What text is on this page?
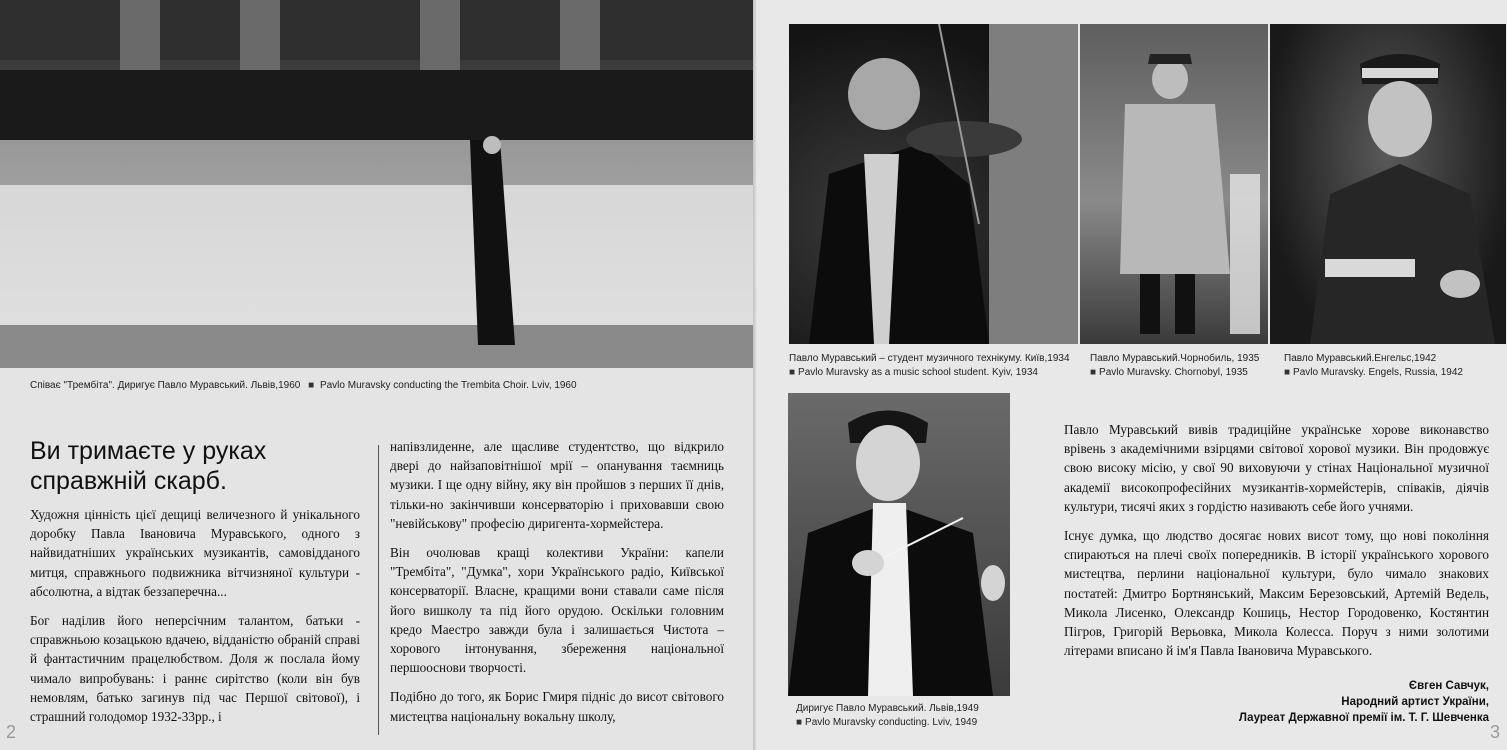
Співає "Трембіта". Диригує Павло Муравський. Львів,1960 ■ Pavlo Muravsky conducting the Trembita Choir. Lviv, 1960
Ви тримаєте у руках справжній скарб.

Художня цінність цієї дещиці величезного й унікального доробку Павла Івановича Муравського, одного з найвидатніших українських музикантів, самовідданого митця, справжнього подвижника вітчизняної культури - абсолютна, а відтак беззаперечна...

Бог наділив його неперсічним талантом, батьки - справжньою козацькою вдачею, відданістю обраній справі й фантастичним працелюбством. Доля ж послала йому чимало випробувань: і раннє сирітство (коли він був немовлям, батько загинув під час Першої світової), і страшний голодомор 1932-33рр., і

напівзлиденне, але щасливе студентство, що відкрило двері до найзаповітнішої мрії – опанування таємниць музики. І ще одну війну, яку він пройшов з перших її днів, тільки-но закінчивши консерваторію і приховавши свою "невійськову" професію диригента-хормейстера.

Він очолював кращі колективи України: капели "Трембіта", "Думка", хори Українського радіо, Київської консерваторії. Власне, кращими вони ставали саме після його вишколу та під його орудою. Оскільки головним кредо Маестро завжди була і залишається Чистота – хорового інтонування, збереження національної першооснови творчості.

Подібно до того, як Борис Гмиря підніс до висот світового мистецтва національну вокальну школу,

2
Павло Муравський – студент музичного технікуму. Київ,1934
■ Pavlo Muravsky as a music school student. Kyiv, 1934
Павло Муравський.Чорнобиль, 1935
■ Pavlo Muravsky. Chornobyl, 1935
Павло Муравський.Енгельс,1942
■ Pavlo Muravsky. Engels, Russia, 1942
Диригує Павло Муравський. Львів,1949
■ Pavlo Muravsky conducting. Lviv, 1949	3

Павло Муравський вивів традиційне українське хорове виконавство врівень з академічними взірцями світової хорової музики. Він продовжує свою високу місію, у свої 90 виховуючи у стінах Національної музичної академії високопрофесійних музикантів-хормейстерів, співаків, діячів культури, тисячі яких з гордістю називають себе його учнями.

Існує думка, що людство досягає нових висот тому, що нові покоління спираються на плечі своїх попередників. В історії українського хорового мистецтва, перлини національної культури, було чимало знакових постатей: Дмитро Бортнянський, Максим Березовський, Артемій Ведель, Микола Лисенко, Олександр Кошиць, Нестор Городовенко, Костянтин Пігров, Григорій Верьовка, Микола Колесса. Поруч з ними золотими літерами вписано й ім'я Павла Івановича Муравського.

Євген Савчук,
Народний артист України,
Лауреат Державної премії ім. Т. Г. Шевченка
